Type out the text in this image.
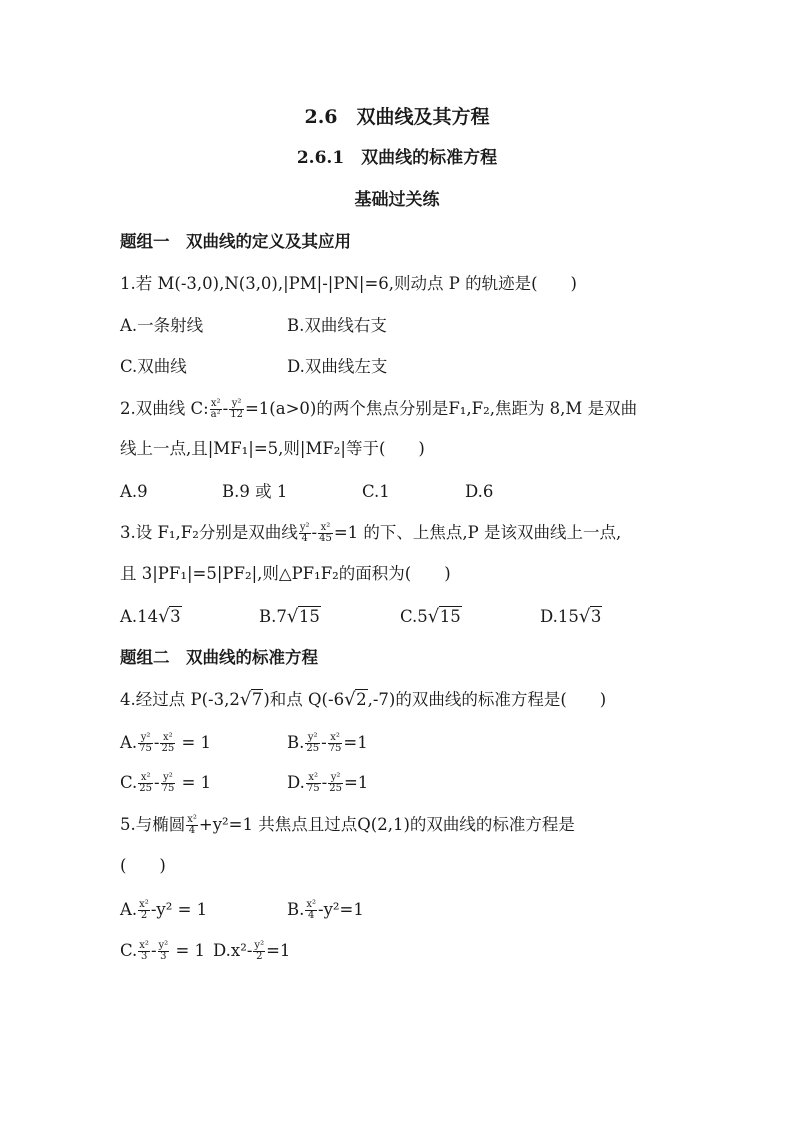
2.6　双曲线及其方程
2.6.1　双曲线的标准方程
基础过关练
题组一　双曲线的定义及其应用
1.若 M(-3,0),N(3,0),|PM|-|PN|=6,则动点 P 的轨迹是(　　)
A.一条射线	B.双曲线右支
C.双曲线	D.双曲线左支
2.双曲线 C: $\frac{\text{x²}}{\text{a²}} - \frac{\text{y²}}{12} =1(a>0)$的两个焦点分别是F₁,F₂,焦距为 8,M 是双曲
线上一点,且|MF₁|=5,则|MF₂|等于(　　)
A.9	B.9 或 1	C.1	D.6
3.设 F₁,F₂分别是双曲线 $\frac{\text{y²}}{4} - \frac{\text{x²}}{45} =1$ 的下、上焦点,P 是该双曲线上一点,
且 3|PF₁|=5|PF₂|,则△PF₁F₂的面积为(　　)
A.14 √ 3	B.7 √ 15	C.5 √ 15	D.15 √ 3
题组二　双曲线的标准方程
4.经过点 P(-3,2 √ 7)和点 Q(-6 √ 2,-7)的双曲线的标准方程是(　　)
A. $\frac{\text{y²}}{75} - \frac{\text{x²}}{25} = 1$	B. $\frac{\text{y²}}{25} - \frac{\text{x²}}{75} =1$
C. $\frac{\text{x²}}{25} - \frac{\text{y²}}{75} = 1$	D. $\frac{\text{x²}}{75} - \frac{\text{y²}}{25} =1$
5.与椭圆 $\frac{\text{x²}}{4} +y^2=1$ 共焦点且过点Q(2,1)的双曲线的标准方程是
(　　)
A. $\frac{\text{x²}}{2} -y^2 = 1$	B. $\frac{\text{x²}}{4} -y^2=1$
C. $\frac{\text{x²}}{3} - \frac{\text{y²}}{3} = 1$ $D.x^2- \frac{\text{y²}}{2} =1$
